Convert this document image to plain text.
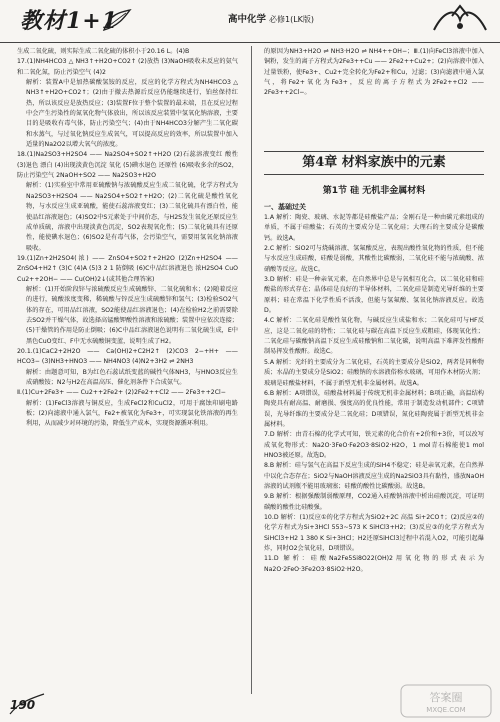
教材1+1	高中化学 必修1(LK版)

生成二氧化硫，则实际生成二氧化硫的体积小于20.16 L。(4)B

17.(1)NH4HCO3 △ NH3↑+H2O+CO2↑ (2)放热 (3)NaOH吸收未反应的氨气和二氧化氮，防止污染空气 (4)2

解析：装置A中是加热碳酸氢铵的反应，反应的化学方程式为NH4HCO3 △ NH3↑+H2O+CO2↑；(2)由于撤去热源后反应仍能继续进行，铂丝保持红热，所以该反应是放热反应；(3)装置F位于整个装置的最末端，且在反应过程中会产生污染性的氮氧化物气体放出，所以该反应装置中氢氧化钠溶液，主要目的是吸收有毒气体，防止污染空气；(4)由于NH4HCO3分解产生二氧化碳和水蒸气，与过氧化钠反应生成氧气，可以提高反应的效率，所以装置中加入适量的Na2O2以增大氧气的浓度。

18.(1)Na2SO3+H2SO4 —— Na2SO4+SO2↑+H2O (2)石蕊溶液变红 酸性 (3)退色 漂白 (4)出现淡黄色沉淀 氧化 (5)碘水退色 还原性 (6)吸收多余的SO2，防止污染空气 2NaOH+SO2 —— Na2SO3+H2O

解析：(1)实验室中常用亚硫酸钠与浓硫酸反应生成二氧化硫，化学方程式为Na2SO3+H2SO4 —— Na2SO4+SO2↑+H2O；(2)二氧化硫是酸性氧化物，与水反应生成亚硫酸，能使石蕊溶液变红；(3)二氧化硫具有漂白性，能使品红溶液退色；(4)SO2中S元素处于中间价态，与H2S发生氧化还原反应生成单质硫，溶液中出现淡黄色沉淀，SO2表现氧化性；(5)二氧化硫具有还原性，能使碘水退色；(6)SO2是有毒气体，会污染空气，需要用氢氧化钠溶液吸收。

19.(1)Zn+2H2SO4(浓) —— ZnSO4+SO2↑+2H2O (2)Zn+H2SO4 —— ZnSO4+H2↑ (3)C (4)A (5)3 2 1 防倒吸 (6)C中品红溶液退色 浓H2SO4 CuO Cu2++2OH− —— Cu(OH)2↓(或其他合理答案)

解析：(1)开始阶段锌与浓硫酸反应生成硫酸锌、二氧化硫和水；(2)随着反应的进行，硫酸浓度变稀，稀硫酸与锌反应生成硫酸锌和氢气；(3)检验SO2气体的存在，可用品红溶液，SO2能使品红溶液退色；(4)在检验H2之前需要除去SO2并干燥气体，故选择高锰酸钾酸性溶液和浓硫酸；装置中应依次连接；(5)干燥管的作用是防止倒吸；(6)C中品红溶液退色说明有二氧化硫生成，E中黑色CuO变红、F中无水硫酸铜变蓝，说明生成了H2。

20.1.(1)CaC2+2H2O —— Ca(OH)2+C2H2↑ (2)CO3 2−+H+ —— HCO3− (3)NH3+HNO3 —— NH4NO3 (4)N2+3H2 ⇌ 2NH3

解析：由题意可知，B为红色石蕊试纸变蓝的碱性气体NH3，与HNO3反应生成硝酸铵；N2与H2在高温高压、催化剂条件下合成氨气。

Ⅱ.(1)Cu+2Fe3+ —— Cu2++2Fe2+ (2)2Fe2++Cl2 —— 2Fe3++2Cl−

解析：(1)FeCl3溶液与铜反应，生成FeCl2和CuCl2，可用于腐蚀印刷电路板；(2)向滤液中通入氯气，Fe2+被氧化为Fe3+，可实现氯化铁溶液的再生利用，从而减少对环境的污染，降低生产成本，实现资源循环利用。

的原因为NH3+H2O ⇌ NH3·H2O ⇌ NH4++OH−；Ⅲ.(1)向FeCl3溶液中加入铜粉，发生的离子方程式为2Fe3++Cu —— 2Fe2++Cu2+；(2)向溶液中加入过量铁粉，使Fe3+、Cu2+完全转化为Fe2+和Cu，过滤；(3)向滤液中通入氯气，将Fe2+氧化为Fe3+，反应的离子方程式为2Fe2++Cl2 —— 2Fe3++2Cl−。

第4章 材料家族中的元素
第1节 硅 无机非金属材料
一、基础过关

1.A 解析：陶瓷、玻璃、水泥等都是硅酸盐产品；金刚石是一种由碳元素组成的单质，不属于硅酸盐；石英的主要成分是二氧化硅；大理石的主要成分是碳酸钙。故选A。

2.C 解析：SiO2可与烧碱溶液、氢氟酸反应，表现出酸性氧化物的性质，但不能与水反应生成硅酸，硅酸是弱酸，其酸性比碳酸弱，二氧化硅不能与浓硫酸、浓硝酸等反应。故选C。

3.D 解析：硅是一种亲氧元素，在自然界中总是与氧相互化合，以二氧化硅和硅酸盐的形式存在；晶体硅是良好的半导体材料，二氧化硅是制造光导纤维的主要原料；硅在常温下化学性质不活泼，但能与氢氟酸、氢氧化钠溶液反应。故选D。

4.C 解析：二氧化硅是酸性氧化物，与碱反应生成盐和水；二氧化硅可与HF反应，这是二氧化硅的特性；二氧化硅与碳在高温下反应生成粗硅，体现氧化性；二氧化硅与碳酸钠高温下反应生成硅酸钠和二氧化碳，说明高温下难挥发性酸酐制易挥发性酸酐。故选C。

5.A 解析：光纤的主要成分为二氧化硅，石英的主要成分是SiO2，两者是同种物质；水晶的主要成分是SiO2；硅酸钠的水溶液俗称水玻璃，可用作木材防火剂；玻璃是硅酸盐材料，不属于新型无机非金属材料。故选A。

6.B 解析：A项错误，硅酸盐材料属于传统无机非金属材料；B项正确，高温结构陶瓷具有耐高温、耐磨损、强度高的优良性能，常用于制造发动机部件；C项错误，光导纤维的主要成分是二氧化硅；D项错误，氮化硅陶瓷属于新型无机非金属材料。

7.D 解析：由青石棉的化学式可知，铁元素的化合价有+2价和+3价，可以改写成氧化物形式：Na2O·3FeO·Fe2O3·8SiO2·H2O，1 mol青石棉能使1 mol HNO3被还原。故选D。

8.B 解析：硅与氢气在高温下反应生成的SiH4不稳定；硅是亲氧元素，在自然界中以化合态存在；SiO2与NaOH溶液反应生成的Na2SiO3具有黏性，盛放NaOH溶液的试剂瓶不能用玻璃塞；硅酸的酸性比碳酸弱。故选B。

9.B 解析：根据强酸制弱酸原理，CO2通入硅酸钠溶液中析出硅酸沉淀，可证明碳酸的酸性比硅酸强。

10.D 解析：(1)反应①的化学方程式为SiO2+2C 高温 Si+2CO↑；(2)反应②的化学方程式为Si+3HCl 553~573 K SiHCl3+H2；(3)反应③的化学方程式为SiHCl3+H2 1 380 K Si+3HCl；H2还原SiHCl3过程中若混入O2，可能引起爆炸，同时O2会氧化硅，D项错误。

11.D 解析：硅酸Na2Fe5Si8O22(OH)2用氧化物的形式表示为Na2O·2FeO·3Fe2O3·8SiO2·H2O。

190
答案圈
MXQE.COM
